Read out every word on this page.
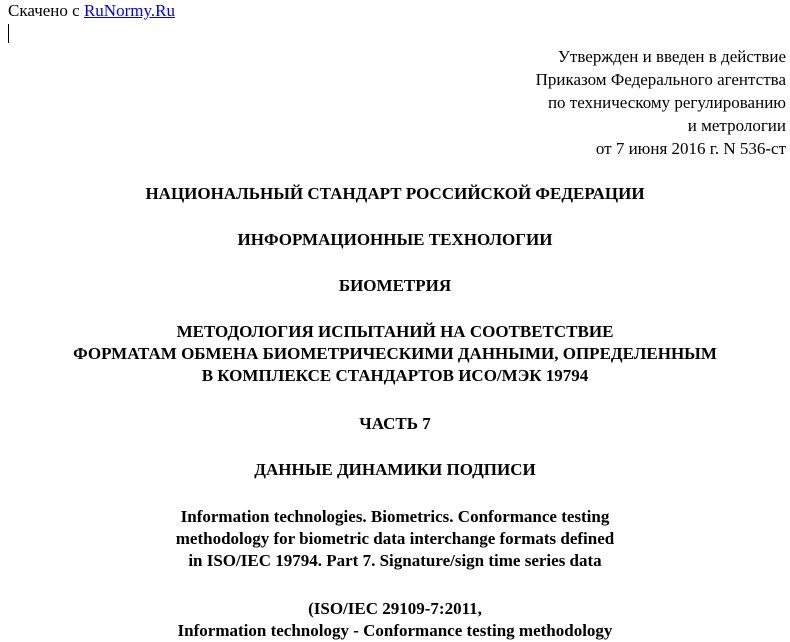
Скачено с RuNormy.Ru
Утвержден и введен в действие
Приказом Федерального агентства
по техническому регулированию
и метрологии
от 7 июня 2016 г. N 536-ст
НАЦИОНАЛЬНЫЙ СТАНДАРТ РОССИЙСКОЙ ФЕДЕРАЦИИ
ИНФОРМАЦИОННЫЕ ТЕХНОЛОГИИ
БИОМЕТРИЯ
МЕТОДОЛОГИЯ ИСПЫТАНИЙ НА СООТВЕТСТВИЕ
ФОРМАТАМ ОБМЕНА БИОМЕТРИЧЕСКИМИ ДАННЫМИ, ОПРЕДЕЛЕННЫМ
В КОМПЛЕКСЕ СТАНДАРТОВ ИСО/МЭК 19794
ЧАСТЬ 7
ДАННЫЕ ДИНАМИКИ ПОДПИСИ
Information technologies. Biometrics. Conformance testing
methodology for biometric data interchange formats defined
in ISO/IEC 19794. Part 7. Signature/sign time series data
(ISO/IEC 29109-7:2011,
Information technology - Conformance testing methodology
